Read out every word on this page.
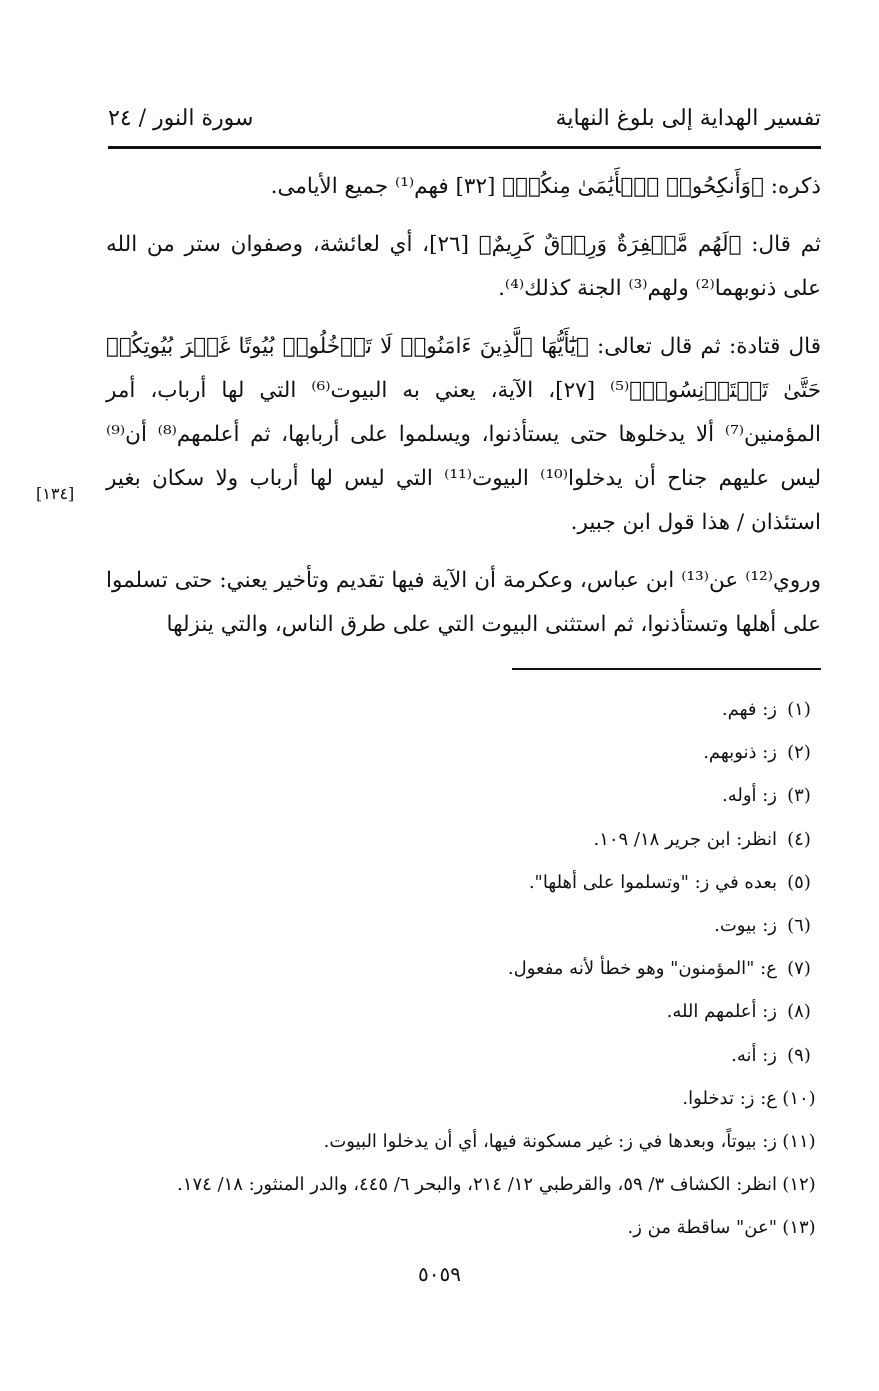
تفسير الهداية إلى بلوغ النهاية
سورة النور / ٢٤

ذكره: ﴿وَأَنكِحُوا۟ ٱلۡأَيَٰمَىٰ مِنكُمۡ﴾ [٣٢] فهم⁽¹⁾ جميع الأيامى.

ثم قال: ﴿لَهُم مَّغۡفِرَةٌ وَرِزۡقٌ كَرِيمٌ﴾ [٢٦]، أي لعائشة، وصفوان ستر من الله على ذنوبهما⁽²⁾ ولهم⁽³⁾ الجنة كذلك⁽⁴⁾.

قال قتادة: ثم قال تعالى: ﴿يَٰٓأَيُّهَا ٱلَّذِينَ ءَامَنُوا۟ لَا تَدۡخُلُوا۟ بُيُوتًا غَيۡرَ بُيُوتِكُمۡ حَتَّىٰ تَسۡتَأۡنِسُوا۟﴾⁽⁵⁾ [٢٧]، الآية، يعني به البيوت⁽⁶⁾ التي لها أرباب، أمر المؤمنين⁽⁷⁾ ألا يدخلوها حتى يستأذنوا، ويسلموا على أربابها، ثم أعلمهم⁽⁸⁾ أن⁽⁹⁾ ليس عليهم جناح أن يدخلوا⁽¹⁰⁾ البيوت⁽¹¹⁾ التي ليس لها أرباب ولا سكان بغير استئذان / هذا قول ابن جبير.

وروي⁽¹²⁾ عن⁽¹³⁾ ابن عباس، وعكرمة أن الآية فيها تقديم وتأخير يعني: حتى تسلموا على أهلها وتستأذنوا، ثم استثنى البيوت التي على طرق الناس، والتي ينزلها

[١٣٤]
(١)ز: فهم.
(٢)ز: ذنوبهم.
(٣)ز: أوله.
(٤)انظر: ابن جرير ١٨/ ١٠٩.
(٥)بعده في ز: "وتسلموا على أهلها".
(٦)ز: بيوت.
(٧)ع: "المؤمنون" وهو خطأ لأنه مفعول.
(٨)ز: أعلمهم الله.
(٩)ز: أنه.
(١٠)ع: ز: تدخلوا.
(١١)ز: بيوتاً، وبعدها في ز: غير مسكونة فيها، أي أن يدخلوا البيوت.
(١٢)انظر: الكشاف ٣/ ٥٩، والقرطبي ١٢/ ٢١٤، والبحر ٦/ ٤٤٥، والدر المنثور: ١٨/ ١٧٤.
(١٣)"عن" ساقطة من ز.
٥٠٥٩
